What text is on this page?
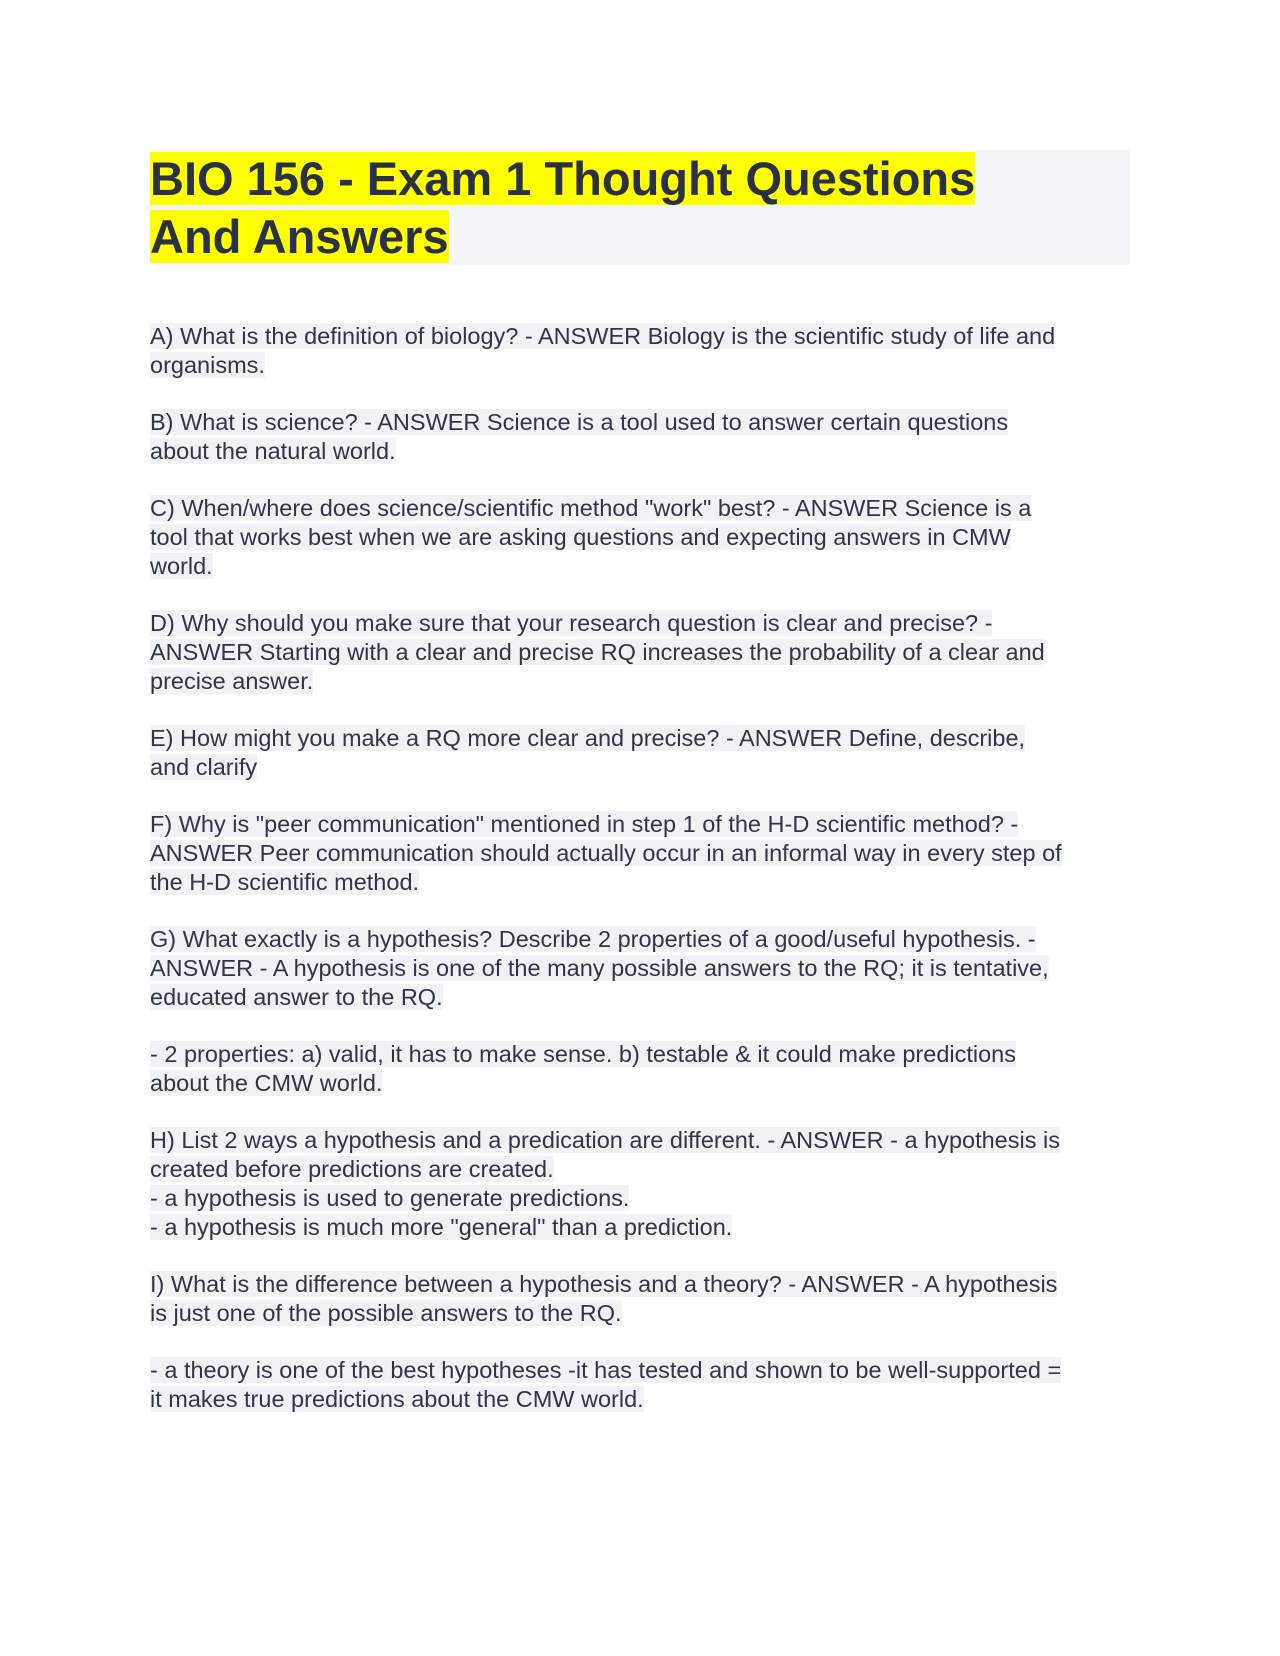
BIO 156 - Exam 1 Thought Questions
And Answers
A) What is the definition of biology? - ANSWER Biology is the scientific study of life and
organisms.
B) What is science? - ANSWER Science is a tool used to answer certain questions
about the natural world.
C) When/where does science/scientific method "work" best? - ANSWER Science is a
tool that works best when we are asking questions and expecting answers in CMW
world.
D) Why should you make sure that your research question is clear and precise? -
ANSWER Starting with a clear and precise RQ increases the probability of a clear and
precise answer.
E) How might you make a RQ more clear and precise? - ANSWER Define, describe,
and clarify
F) Why is "peer communication" mentioned in step 1 of the H-D scientific method? -
ANSWER Peer communication should actually occur in an informal way in every step of
the H-D scientific method.
G) What exactly is a hypothesis? Describe 2 properties of a good/useful hypothesis. -
ANSWER - A hypothesis is one of the many possible answers to the RQ; it is tentative,
educated answer to the RQ.
- 2 properties: a) valid, it has to make sense. b) testable & it could make predictions
about the CMW world.
H) List 2 ways a hypothesis and a predication are different. - ANSWER - a hypothesis is
created before predictions are created.
- a hypothesis is used to generate predictions.
- a hypothesis is much more "general" than a prediction.
I) What is the difference between a hypothesis and a theory? - ANSWER - A hypothesis
is just one of the possible answers to the RQ.
- a theory is one of the best hypotheses -it has tested and shown to be well-supported =
it makes true predictions about the CMW world.
